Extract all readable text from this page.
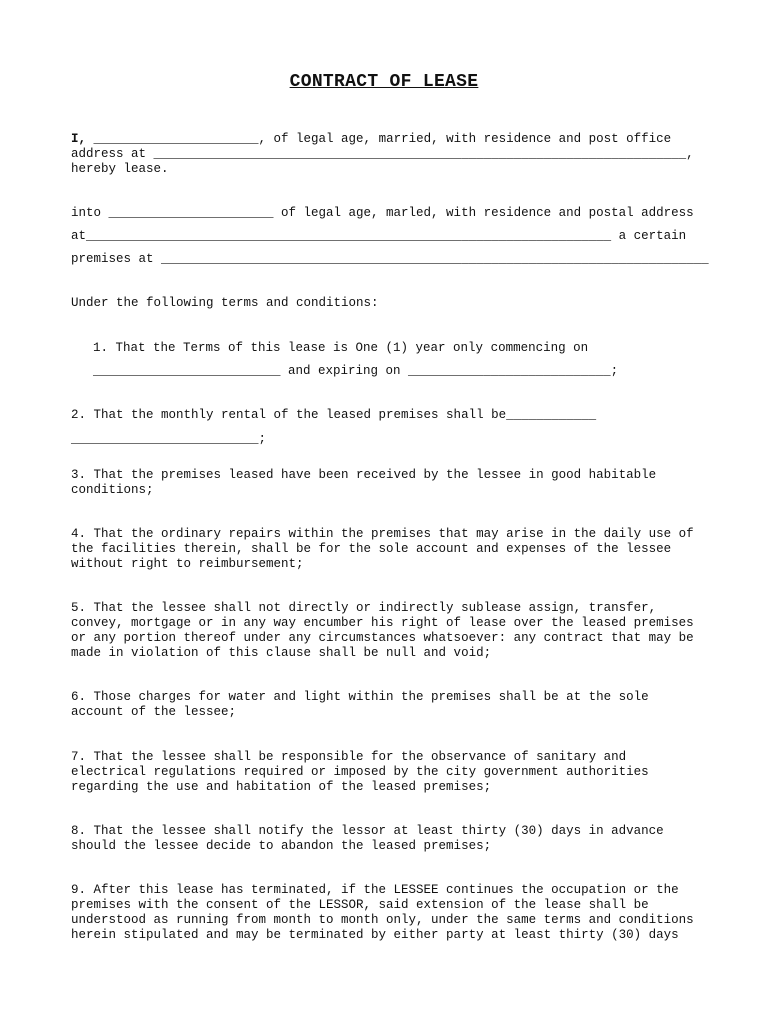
CONTRACT OF LEASE
I, ______________________, of legal age, married, with residence and post office
address at _______________________________________________________________________,
hereby lease.
into ______________________ of legal age, marled, with residence and postal address
at______________________________________________________________________ a certain
premises at _________________________________________________________________________
Under the following terms and conditions:
1. That the Terms of this lease is One (1) year only commencing on
_________________________ and expiring on ___________________________;
2. That the monthly rental of the leased premises shall be____________
_________________________;
3. That the premises leased have been received by the lessee in good habitable conditions;
4. That the ordinary repairs within the premises that may arise in the daily use of the facilities therein, shall be for the sole account and expenses of the lessee without right to reimbursement;
5. That the lessee shall not directly or indirectly sublease assign, transfer, convey, mortgage or in any way encumber his right of lease over the leased premises or any portion thereof under any circumstances whatsoever: any contract that may be made in violation of this clause shall be null and void;
6. Those charges for water and light within the premises shall be at the sole account of the lessee;
7. That the lessee shall be responsible for the observance of sanitary and electrical regulations required or imposed by the city government authorities regarding the use and habitation of the leased premises;
8. That the lessee shall notify the lessor at least thirty (30) days in advance should the lessee decide to abandon the leased premises;
9. After this lease has terminated, if the LESSEE continues the occupation or the premises with the consent of the LESSOR, said extension of the lease shall be understood as running from month to month only, under the same terms and conditions herein stipulated and may be terminated by either party at least thirty (30) days
